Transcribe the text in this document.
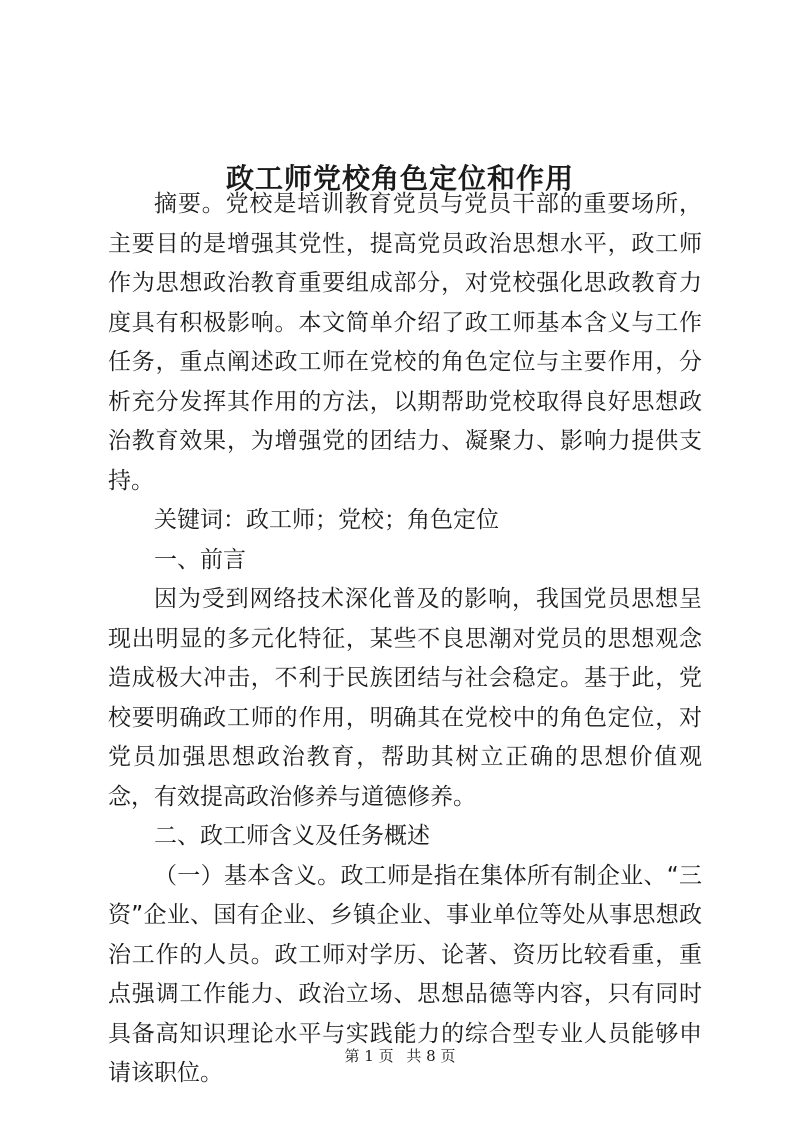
政工师党校角色定位和作用

摘要。党校是培训教育党员与党员干部的重要场所，主要目的是增强其党性，提高党员政治思想水平，政工师作为思想政治教育重要组成部分，对党校强化思政教育力度具有积极影响。本文简单介绍了政工师基本含义与工作任务，重点阐述政工师在党校的角色定位与主要作用，分析充分发挥其作用的方法，以期帮助党校取得良好思想政治教育效果，为增强党的团结力、凝聚力、影响力提供支持。

关键词：政工师；党校；角色定位

一、前言

因为受到网络技术深化普及的影响，我国党员思想呈现出明显的多元化特征，某些不良思潮对党员的思想观念造成极大冲击，不利于民族团结与社会稳定。基于此，党校要明确政工师的作用，明确其在党校中的角色定位，对党员加强思想政治教育，帮助其树立正确的思想价值观念，有效提高政治修养与道德修养。

二、政工师含义及任务概述

（一）基本含义。政工师是指在集体所有制企业、“三资”企业、国有企业、乡镇企业、事业单位等处从事思想政治工作的人员。政工师对学历、论著、资历比较看重，重点强调工作能力、政治立场、思想品德等内容，只有同时具备高知识理论水平与实践能力的综合型专业人员能够申请该职位。

第 1 页 共 8 页
